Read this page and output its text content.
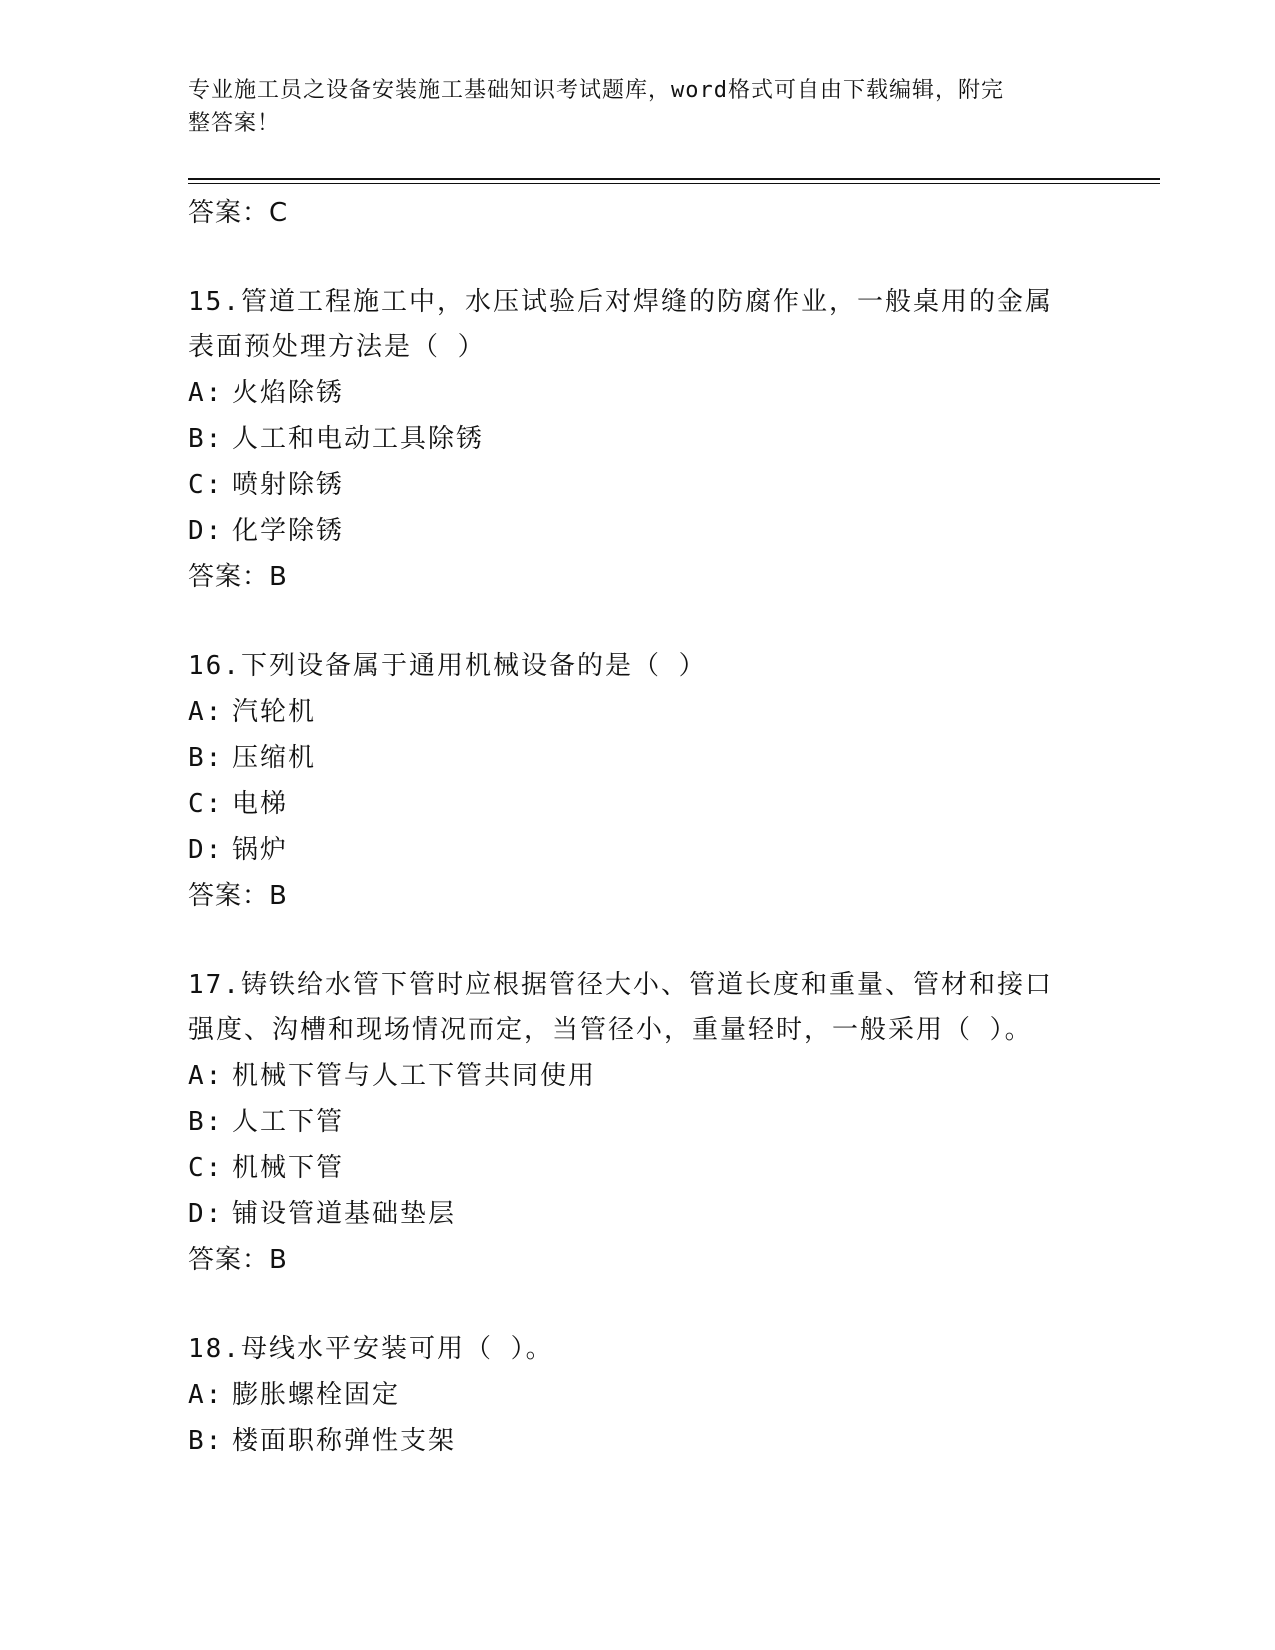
专业施工员之设备安装施工基础知识考试题库，word格式可自由下载编辑，附完
整答案！
答案：C
15.管道工程施工中，水压试验后对焊缝的防腐作业，一般桌用的金属
表面预处理方法是（ ）
A: 火焰除锈
B: 人工和电动工具除锈
C: 喷射除锈
D: 化学除锈
答案：B
16.下列设备属于通用机械设备的是（ ）
A: 汽轮机
B: 压缩机
C: 电梯
D: 锅炉
答案：B
17.铸铁给水管下管时应根据管径大小、管道长度和重量、管材和接口
强度、沟槽和现场情况而定，当管径小，重量轻时，一般采用（ ）。
A: 机械下管与人工下管共同使用
B: 人工下管
C: 机械下管
D: 铺设管道基础垫层
答案：B
18.母线水平安装可用（ ）。
A: 膨胀螺栓固定
B: 楼面职称弹性支架
